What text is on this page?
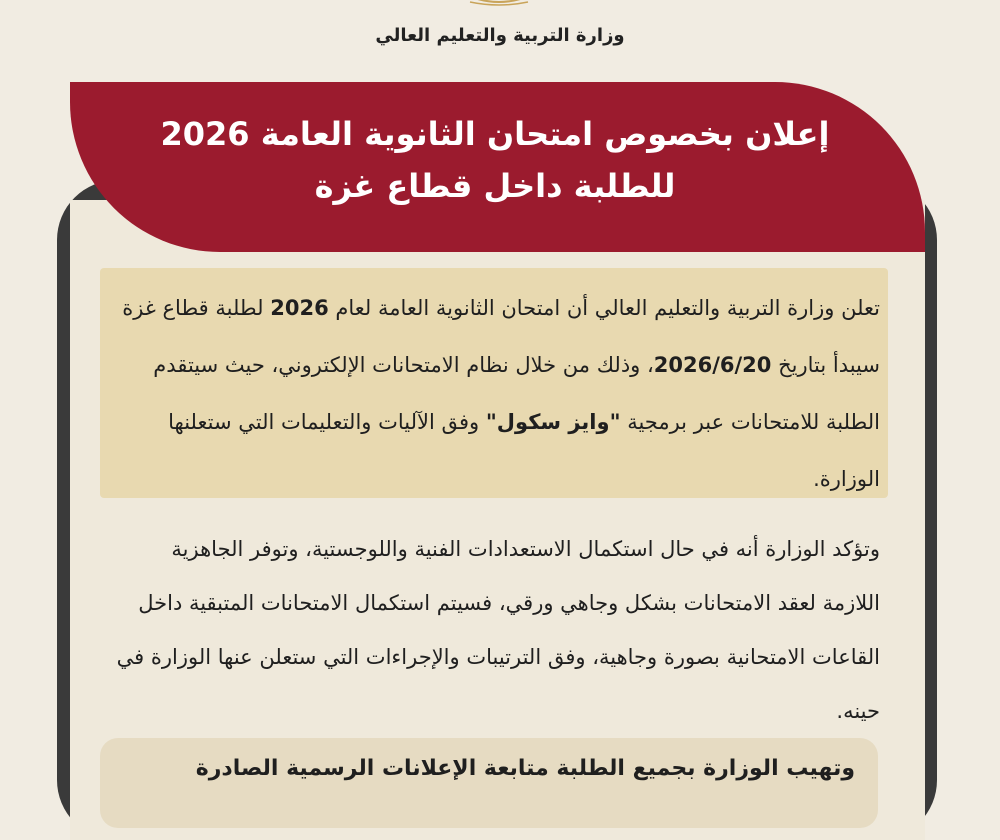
وزارة التربية والتعليم العالي
إعلان بخصوص امتحان الثانوية العامة 2026
للطلبة داخل قطاع غزة

تعلن وزارة التربية والتعليم العالي أن امتحان الثانوية العامة لعام 2026 لطلبة قطاع غزة سيبدأ بتاريخ 2026/6/20، وذلك من خلال نظام الامتحانات الإلكتروني، حيث سيتقدم الطلبة للامتحانات عبر برمجية "وايز سكول" وفق الآليات والتعليمات التي ستعلنها الوزارة.

وتؤكد الوزارة أنه في حال استكمال الاستعدادات الفنية واللوجستية، وتوفر الجاهزية اللازمة لعقد الامتحانات بشكل وجاهي ورقي، فسيتم استكمال الامتحانات المتبقية داخل القاعات الامتحانية بصورة وجاهية، وفق الترتيبات والإجراءات التي ستعلن عنها الوزارة في حينه.

وتهيب الوزارة بجميع الطلبة متابعة الإعلانات الرسمية الصادرة
